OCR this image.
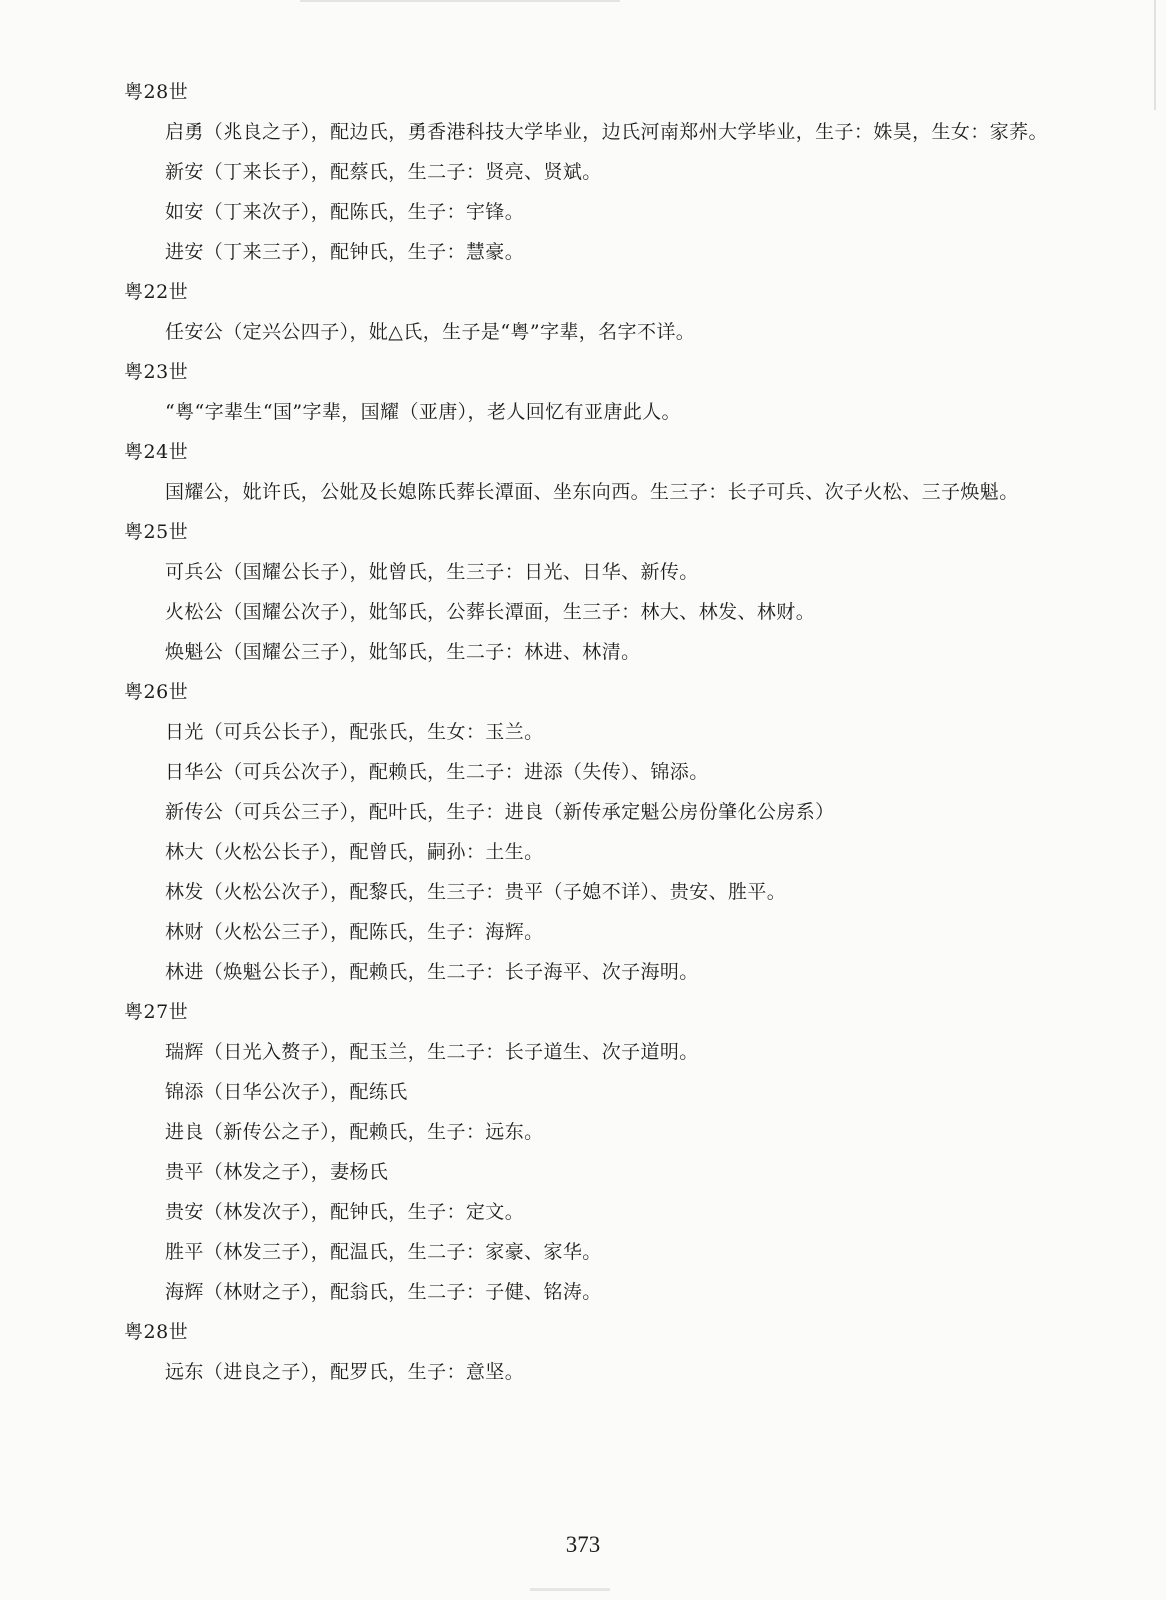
粤28世

启勇（兆良之子），配边氏，勇香港科技大学毕业，边氏河南郑州大学毕业，生子：姝昊，生女：家荞。

新安（丁来长子），配蔡氏，生二子：贤亮、贤斌。

如安（丁来次子），配陈氏，生子：宇锋。

进安（丁来三子），配钟氏，生子：慧豪。

粤22世

任安公（定兴公四子），妣△氏，生子是“粤”字辈，名字不详。

粤23世

“粤“字辈生“国”字辈，国耀（亚唐），老人回忆有亚唐此人。

粤24世

国耀公，妣许氏，公妣及长媳陈氏葬长潭面、坐东向西。生三子：长子可兵、次子火松、三子焕魁。

粤25世

可兵公（国耀公长子），妣曾氏，生三子：日光、日华、新传。

火松公（国耀公次子），妣邹氏，公葬长潭面，生三子：林大、林发、林财。

焕魁公（国耀公三子），妣邹氏，生二子：林进、林清。

粤26世

日光（可兵公长子），配张氏，生女：玉兰。

日华公（可兵公次子），配赖氏，生二子：进添（失传）、锦添。

新传公（可兵公三子），配叶氏，生子：进良（新传承定魁公房份肇化公房系）

林大（火松公长子），配曾氏，嗣孙：土生。

林发（火松公次子），配黎氏，生三子：贵平（子媳不详）、贵安、胜平。

林财（火松公三子），配陈氏，生子：海辉。

林进（焕魁公长子），配赖氏，生二子：长子海平、次子海明。

粤27世

瑞辉（日光入赘子），配玉兰，生二子：长子道生、次子道明。

锦添（日华公次子），配练氏

进良（新传公之子），配赖氏，生子：远东。

贵平（林发之子），妻杨氏

贵安（林发次子），配钟氏，生子：定文。

胜平（林发三子），配温氏，生二子：家豪、家华。

海辉（林财之子），配翁氏，生二子：子健、铭涛。

粤28世

远东（进良之子），配罗氏，生子：意坚。

373
